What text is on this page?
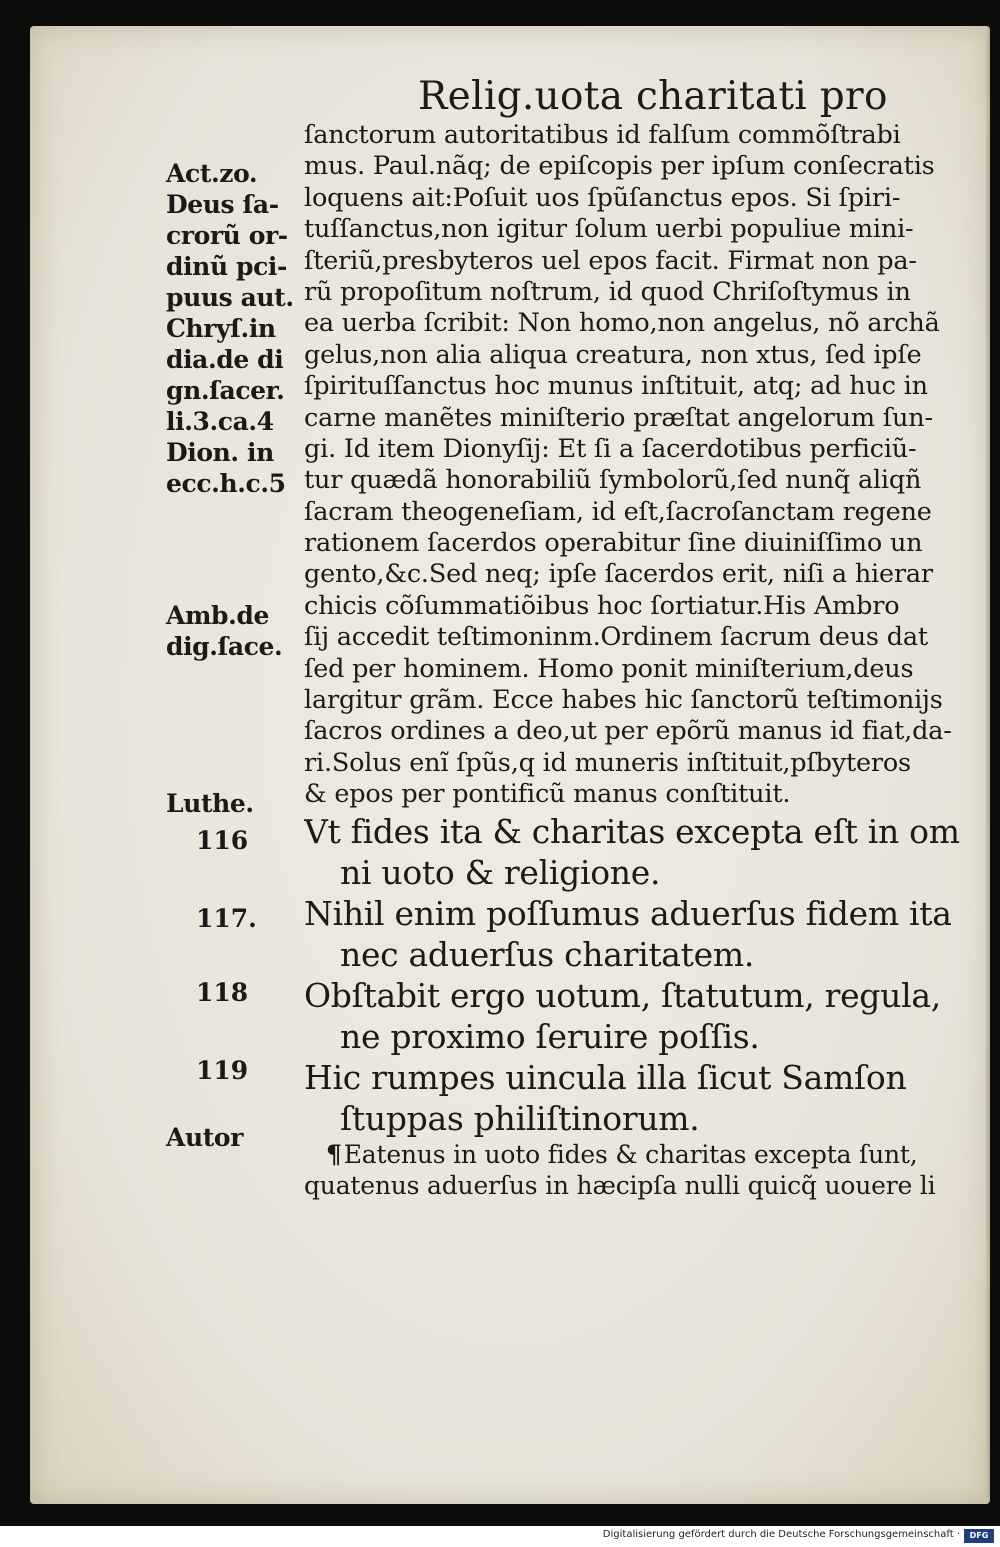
Relig.uota charitati pro
Act.zo.
Deus ſa-
crorũ or-
dinũ pci-
puus aut.
Chryſ.in
dia.de di
gn.ſacer.
li.3.ca.4
Dion. in
ecc.h.c.5
Amb.de
dig.ſace.
Luthe.
116
117.
118
119
Autor
ſanctorum autoritatibus id falſum commõſtrabi
mus. Paul.nãq; de epiſcopis per ipſum conſecratis
loquens ait:Poſuit uos ſpũſanctus epos. Si ſpiri-
tuſſanctus,non igitur ſolum uerbi populiue mini-
ſteriũ,presbyteros uel epos facit. Firmat non pa-
rũ propoſitum noſtrum, id quod Chriſoſtymus in
ea uerba ſcribit: Non homo,non angelus, nõ archã
gelus,non alia aliqua creatura, non xtus, ſed ipſe
ſpirituſſanctus hoc munus inſtituit, atq; ad huc in
carne manẽtes miniſterio præſtat angelorum ſun-
gi. Id item Dionyſij: Et ſi a ſacerdotibus perficiũ-
tur quædã honorabiliũ ſymbolorũ,ſed nunq̃ aliqñ
ſacram theogeneſiam, id eſt,ſacroſanctam regene
rationem ſacerdos operabitur ſine diuiniſſimo un
gento,&c.Sed neq; ipſe ſacerdos erit, niſi a hierar
chicis cõſummatiõibus hoc ſortiatur.His Ambro
ſij accedit teſtimoninm.Ordinem ſacrum deus dat
ſed per hominem. Homo ponit miniſterium,deus
largitur grãm. Ecce habes hic ſanctorũ teſtimonijs
ſacros ordines a deo,ut per epõrũ manus id fiat,da-
ri.Solus enĩ ſpũs,q id muneris inſtituit,pſbyteros
& epos per pontificũ manus conſtituit.
Vt fides ita & charitas excepta eſt in om
ni uoto & religione.
Nihil enim poſſumus aduerſus fidem ita
nec aduerſus charitatem.
Obſtabit ergo uotum, ſtatutum, regula,
ne proximo ſeruire poſſis.
Hic rumpes uincula illa ſicut Samſon
ſtuppas philiſtinorum.
¶Eatenus in uoto fides & charitas excepta ſunt,
quatenus aduerſus in hæcipſa nulli quicq̃ uouere li
Digitalisierung gefördert durch die Deutsche Forschungsgemeinschaft ·	DFG
